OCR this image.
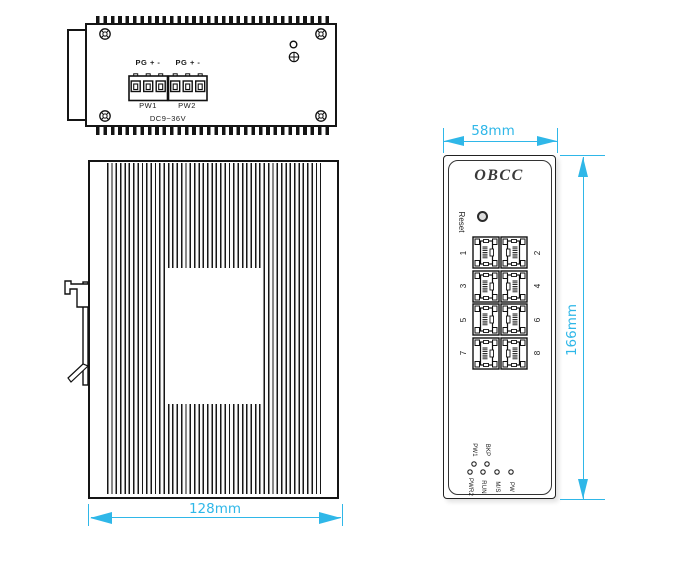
PG + -	PG + -
PW1	PW2
DC9~36V
128mm
OBCC
Reset
1
3
5
7
2
4
6
8
PW1 BKP
PWR2 RUN M/S PW
58mm
166mm
